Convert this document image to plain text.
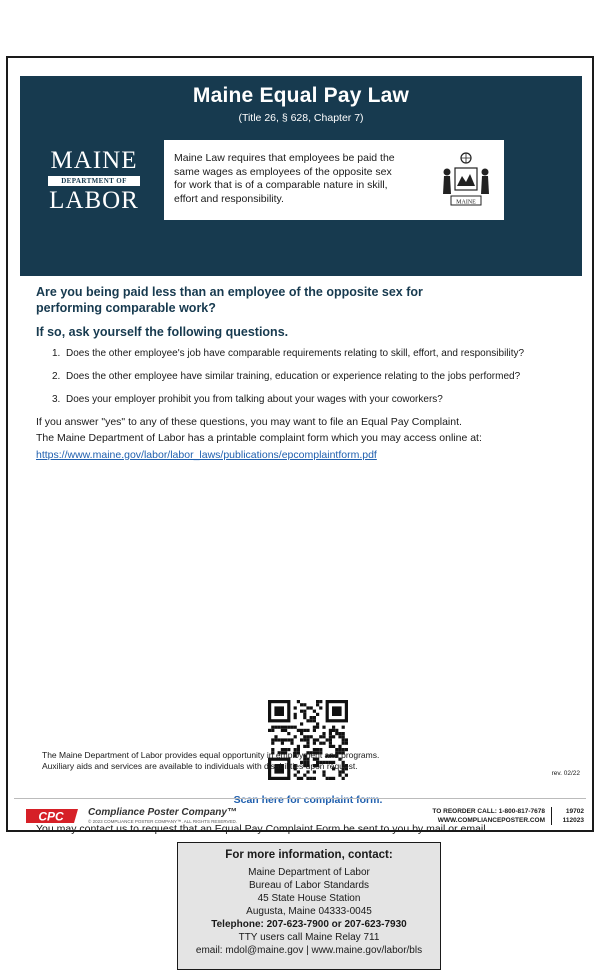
Maine Equal Pay Law
(Title 26, § 628, Chapter 7)
MAINE
DEPARTMENT OF
LABOR
Maine Law requires that employees be paid the same wages as employees of the opposite sex for work that is of a comparable nature in skill, effort and responsibility.	MAINE
Are you being paid less than an employee of the opposite sex for performing comparable work?
If so, ask yourself the following questions.
1. Does the other employee's job have comparable requirements relating to skill, effort, and responsibility?
2. Does the other employee have similar training, education or experience relating to the jobs performed?
3. Does your employer prohibit you from talking about your wages with your coworkers?
If you answer "yes" to any of these questions, you may want to file an Equal Pay Complaint.
The Maine Department of Labor has a printable complaint form which you may access online at:
https://www.maine.gov/labor/labor_laws/publications/epcomplaintform.pdf
Scan here for complaint form.
You may contact us to request that an Equal Pay Complaint Form be sent to you by mail or email.
For more information, contact:
Maine Department of Labor
Bureau of Labor Standards
45 State House Station
Augusta, Maine 04333-0045
Telephone: 207-623-7900 or 207-623-7930
TTY users call Maine Relay 711
email: mdol@maine.gov | www.maine.gov/labor/bls
The Maine Department of Labor provides equal opportunity in employment and programs.
Auxiliary aids and services are available to individuals with disabilities upon request.
rev. 02/22
CPC Compliance Poster Company™
© 2023 COMPLIANCE POSTER COMPANY™. ALL RIGHTS RESERVED.
TO REORDER CALL: 1-800-817-7678
WWW.COMPLIANCEPOSTER.COM
19702
112023
